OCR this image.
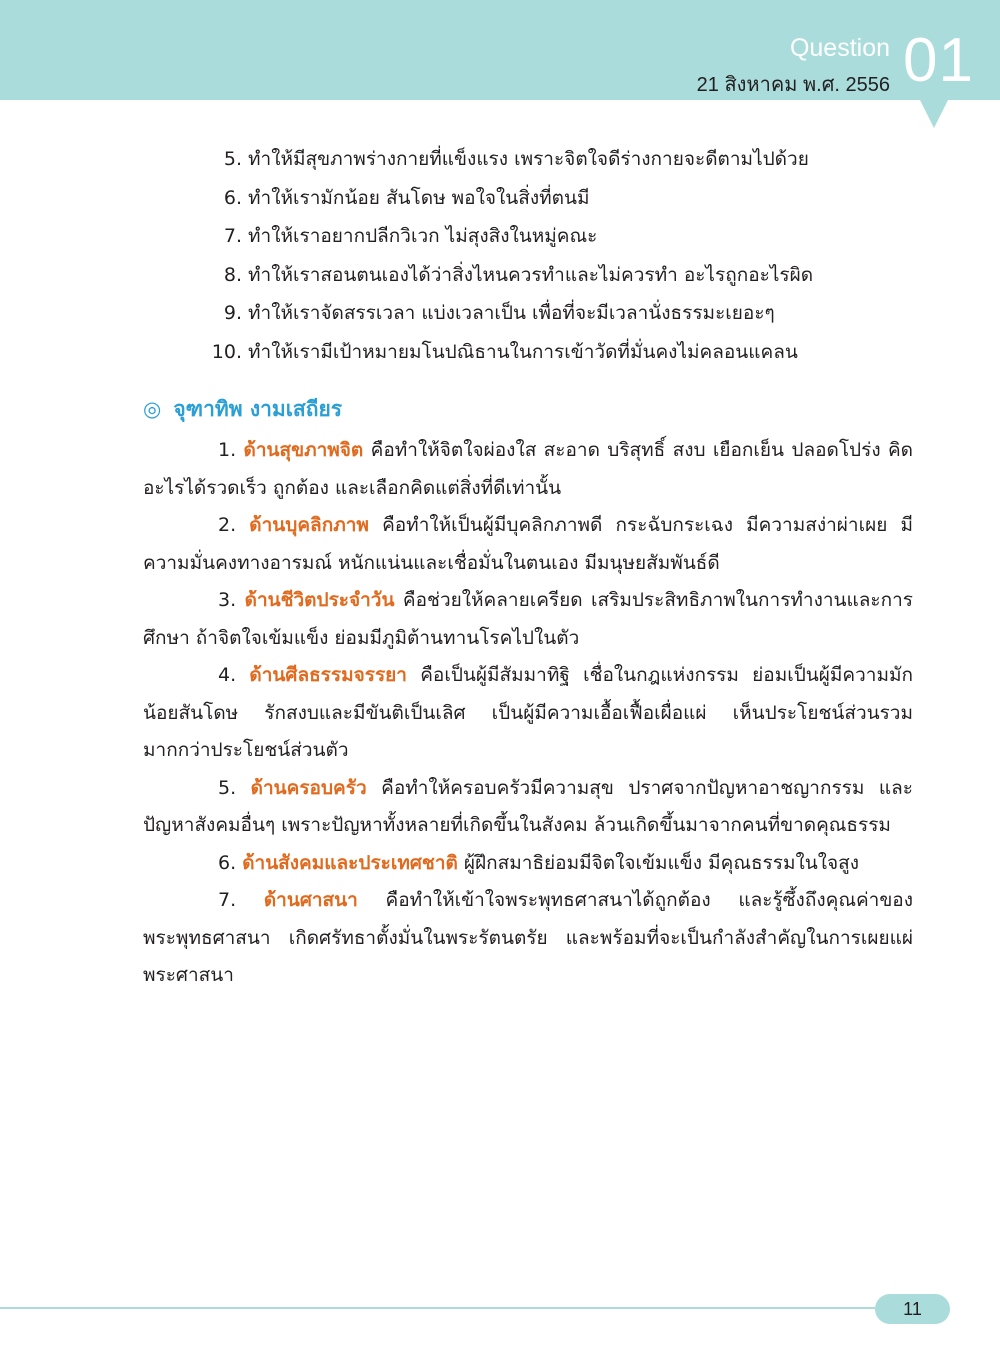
Question
21 สิงหาคม พ.ศ. 2556 01
5. ทำให้มีสุขภาพร่างกายที่แข็งแรง เพราะจิตใจดีร่างกายจะดีตามไปด้วย
6. ทำให้เรามักน้อย สันโดษ พอใจในสิ่งที่ตนมี
7. ทำให้เราอยากปลีกวิเวก ไม่สุงสิงในหมู่คณะ
8. ทำให้เราสอนตนเองได้ว่าสิ่งไหนควรทำและไม่ควรทำ อะไรถูกอะไรผิด
9. ทำให้เราจัดสรรเวลา แบ่งเวลาเป็น เพื่อที่จะมีเวลานั่งธรรมะเยอะๆ
10. ทำให้เรามีเป้าหมายมโนปณิธานในการเข้าวัดที่มั่นคงไม่คลอนแคลน
◎ จุฑาทิพ งามเสถียร

1. ด้านสุขภาพจิต คือทำให้จิตใจผ่องใส สะอาด บริสุทธิ์ สงบ เยือกเย็น ปลอดโปร่ง คิดอะไรได้รวดเร็ว ถูกต้อง และเลือกคิดแต่สิ่งที่ดีเท่านั้น

2. ด้านบุคลิกภาพ คือทำให้เป็นผู้มีบุคลิกภาพดี กระฉับกระเฉง มีความสง่าผ่าเผย มีความมั่นคงทางอารมณ์ หนักแน่นและเชื่อมั่นในตนเอง มีมนุษยสัมพันธ์ดี

3. ด้านชีวิตประจำวัน คือช่วยให้คลายเครียด เสริมประสิทธิภาพในการทำงานและการศึกษา ถ้าจิตใจเข้มแข็ง ย่อมมีภูมิต้านทานโรคไปในตัว

4. ด้านศีลธรรมจรรยา คือเป็นผู้มีสัมมาทิฐิ เชื่อในกฎแห่งกรรม ย่อมเป็นผู้มีความมักน้อยสันโดษ รักสงบและมีขันติเป็นเลิศ เป็นผู้มีความเอื้อเฟื้อเผื่อแผ่ เห็นประโยชน์ส่วนรวมมากกว่าประโยชน์ส่วนตัว

5. ด้านครอบครัว คือทำให้ครอบครัวมีความสุข ปราศจากปัญหาอาชญากรรม และปัญหาสังคมอื่นๆ เพราะปัญหาทั้งหลายที่เกิดขึ้นในสังคม ล้วนเกิดขึ้นมาจากคนที่ขาดคุณธรรม

6. ด้านสังคมและประเทศชาติ ผู้ฝึกสมาธิย่อมมีจิตใจเข้มแข็ง มีคุณธรรมในใจสูง

7. ด้านศาสนา คือทำให้เข้าใจพระพุทธศาสนาได้ถูกต้อง และรู้ซึ้งถึงคุณค่าของพระพุทธศาสนา เกิดศรัทธาตั้งมั่นในพระรัตนตรัย และพร้อมที่จะเป็นกำลังสำคัญในการเผยแผ่พระศาสนา

11
